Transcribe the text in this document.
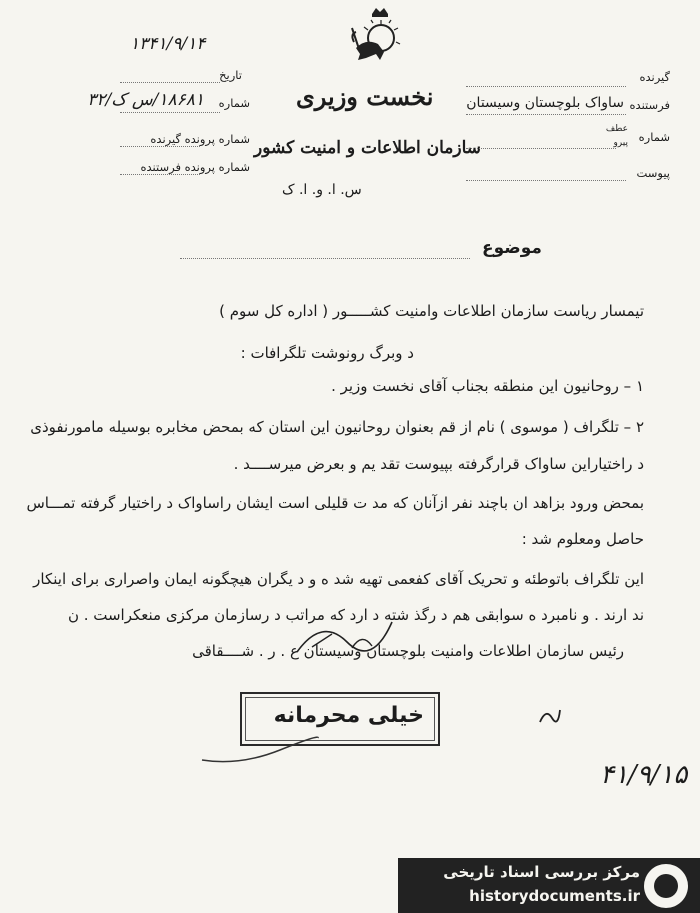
۱۳۴۱/۹/۱۴
تاریخ
شماره
۱۸۶۸۱/س ک/۳۲
شماره پرونده گیرنده
شماره پرونده فرستنده
نخست وزیری
سازمان اطلاعات و امنیت کشور
س. ا. و. ا. ک
گیرنده
فرستنده
ساواک بلوچستان وسیستان
شماره
عطف
پیرو
پیوست
موضوع
تیمسار ریاست سازمان اطلاعات وامنیت کشـــــور ( اداره کل سوم )
د وبرگ رونوشت تلگرافات :
۱ – روحانیون این منطقه بجناب آقای نخست وزیر .
۲ – تلگراف ( موسوی ) نام از قم بعنوان روحانیون این استان که بمحض مخابره بوسیله مامورنفوذی
د راختیاراین ساواک قرارگرفته بپیوست تقد یم و بعرض میرســــد .
بمحض ورود بزاهد ان باچند نفر ازآنان که مد ت قلیلی است ایشان راساواک د راختیار گرفته تمـــاس
حاصل ومعلوم شد :
این تلگراف باتوطئه و تحریک آقای کفعمی تهیه شد ه و د یگران هیچگونه ایمان واصراری برای اینکار
ند ارند . و نامبرد ه سوابقی هم د رگذ شته د ارد که مراتب د رسازمان مرکزی منعکراست . ن
رئیس سازمان اطلاعات وامنیت بلوچستان وسیستان ع . ر . شــــقاقی
خیلی محرمانه
۴۱/۹/۱۵
مرکز بررسی اسناد تاریخی
historydocuments.ir
